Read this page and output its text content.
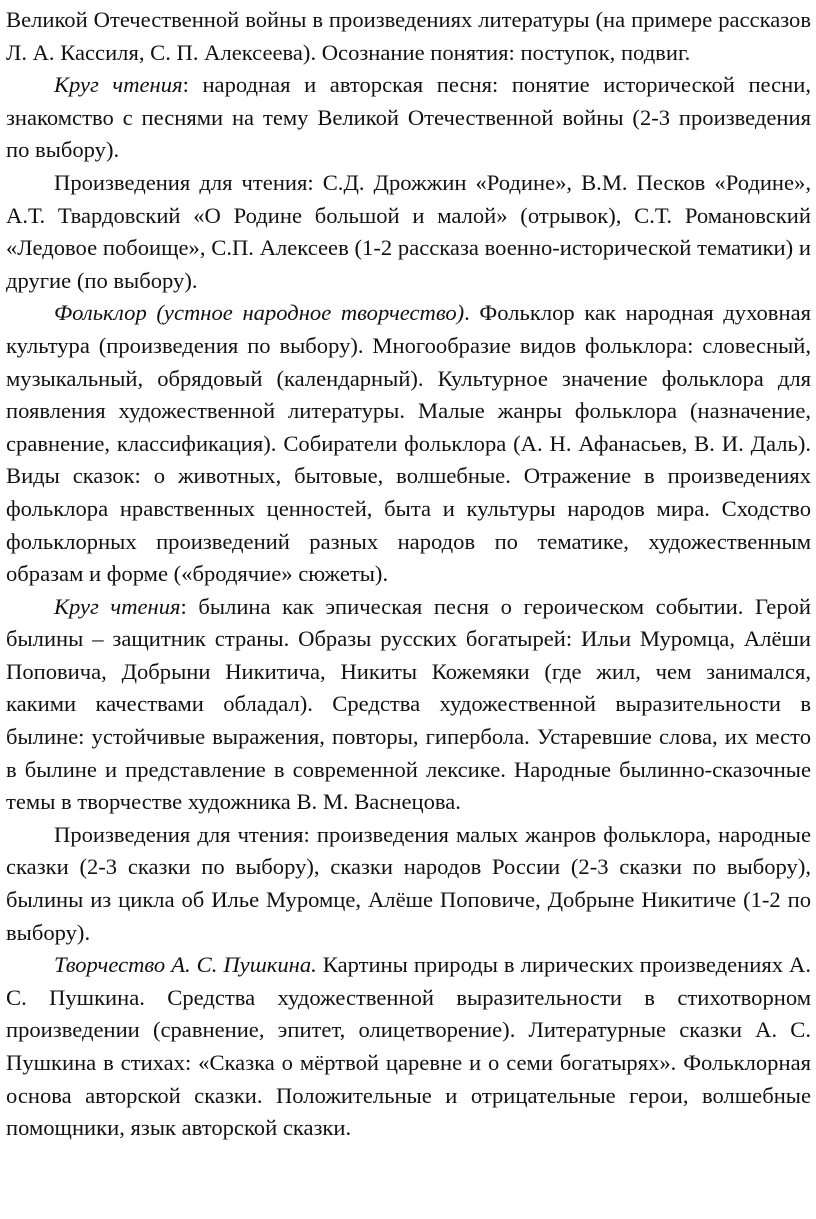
Великой Отечественной войны в произведениях литературы (на примере рассказов Л. А. Кассиля, С. П. Алексеева). Осознание понятия: поступок, подвиг.

Круг чтения: народная и авторская песня: понятие исторической песни, знакомство с песнями на тему Великой Отечественной войны (2-3 произведения по выбору).

Произведения для чтения: С.Д. Дрожжин «Родине», В.М. Песков «Родине», А.Т. Твардовский «О Родине большой и малой» (отрывок), С.Т. Романовский «Ледовое побоище», С.П. Алексеев (1-2 рассказа военно-исторической тематики) и другие (по выбору).

Фольклор (устное народное творчество). Фольклор как народная духовная культура (произведения по выбору). Многообразие видов фольклора: словесный, музыкальный, обрядовый (календарный). Культурное значение фольклора для появления художественной литературы. Малые жанры фольклора (назначение, сравнение, классификация). Собиратели фольклора (А. Н. Афанасьев, В. И. Даль). Виды сказок: о животных, бытовые, волшебные. Отражение в произведениях фольклора нравственных ценностей, быта и культуры народов мира. Сходство фольклорных произведений разных народов по тематике, художественным образам и форме («бродячие» сюжеты).

Круг чтения: былина как эпическая песня о героическом событии. Герой былины – защитник страны. Образы русских богатырей: Ильи Муромца, Алёши Поповича, Добрыни Никитича, Никиты Кожемяки (где жил, чем занимался, какими качествами обладал). Средства художественной выразительности в былине: устойчивые выражения, повторы, гипербола. Устаревшие слова, их место в былине и представление в современной лексике. Народные былинно-сказочные темы в творчестве художника В. М. Васнецова.

Произведения для чтения: произведения малых жанров фольклора, народные сказки (2-3 сказки по выбору), сказки народов России (2-3 сказки по выбору), былины из цикла об Илье Муромце, Алёше Поповиче, Добрыне Никитиче (1-2 по выбору).

Творчество А. С. Пушкина. Картины природы в лирических произведениях А. С. Пушкина. Средства художественной выразительности в стихотворном произведении (сравнение, эпитет, олицетворение). Литературные сказки А. С. Пушкина в стихах: «Сказка о мёртвой царевне и о семи богатырях». Фольклорная основа авторской сказки. Положительные и отрицательные герои, волшебные помощники, язык авторской сказки.
